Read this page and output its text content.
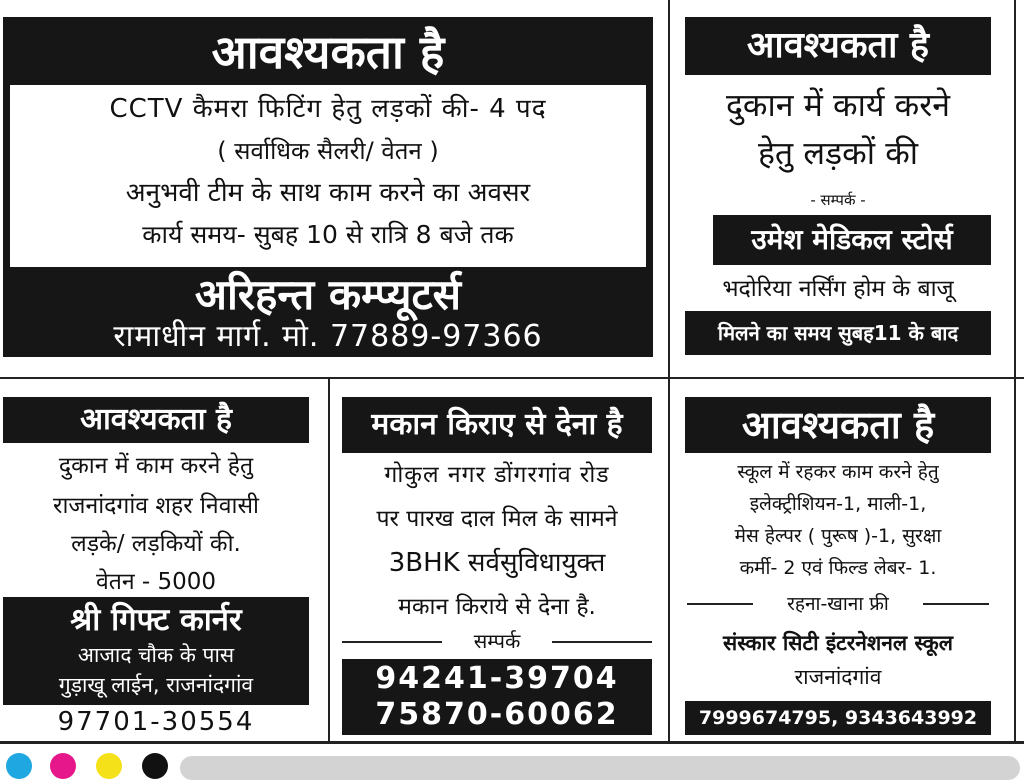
आवश्यकता है
CCTV कैमरा फिटिंग हेतु लड़कों की- 4 पद
( सर्वाधिक सैलरी/ वेतन )
अनुभवी टीम के साथ काम करने का अवसर
कार्य समय- सुबह 10 से रात्रि 8 बजे तक
अरिहन्त कम्प्यूटर्स
रामाधीन मार्ग. मो. 77889-97366
आवश्यकता है
दुकान में कार्य करने
हेतु लड़कों की
- सम्पर्क -
उमेश मेडिकल स्टोर्स
भदोरिया नर्सिंग होम के बाजू
मिलने का समय सुबह11 के बाद
आवश्यकता है
दुकान में काम करने हेतु
राजनांदगांव शहर निवासी
लड़के/ लड़कियों की.
वेतन - 5000
श्री गिफ्ट कार्नर
आजाद चौक के पास
गुड़ाखू लाईन, राजनांदगांव
97701-30554
मकान किराए से देना है
गोकुल नगर डोंगरगांव रोड
पर पारख दाल मिल के सामने
3BHK सर्वसुविधायुक्त
मकान किराये से देना है.
सम्पर्क
94241-39704
75870-60062
आवश्यकता है
स्कूल में रहकर काम करने हेतु
इलेक्ट्रीशियन-1, माली-1,
मेस हेल्पर ( पुरूष )-1, सुरक्षा
कर्मी- 2 एवं फिल्ड लेबर- 1.
रहना-खाना फ्री
संस्कार सिटी इंटरनेशनल स्कूल
राजनांदगांव
7999674795, 9343643992
